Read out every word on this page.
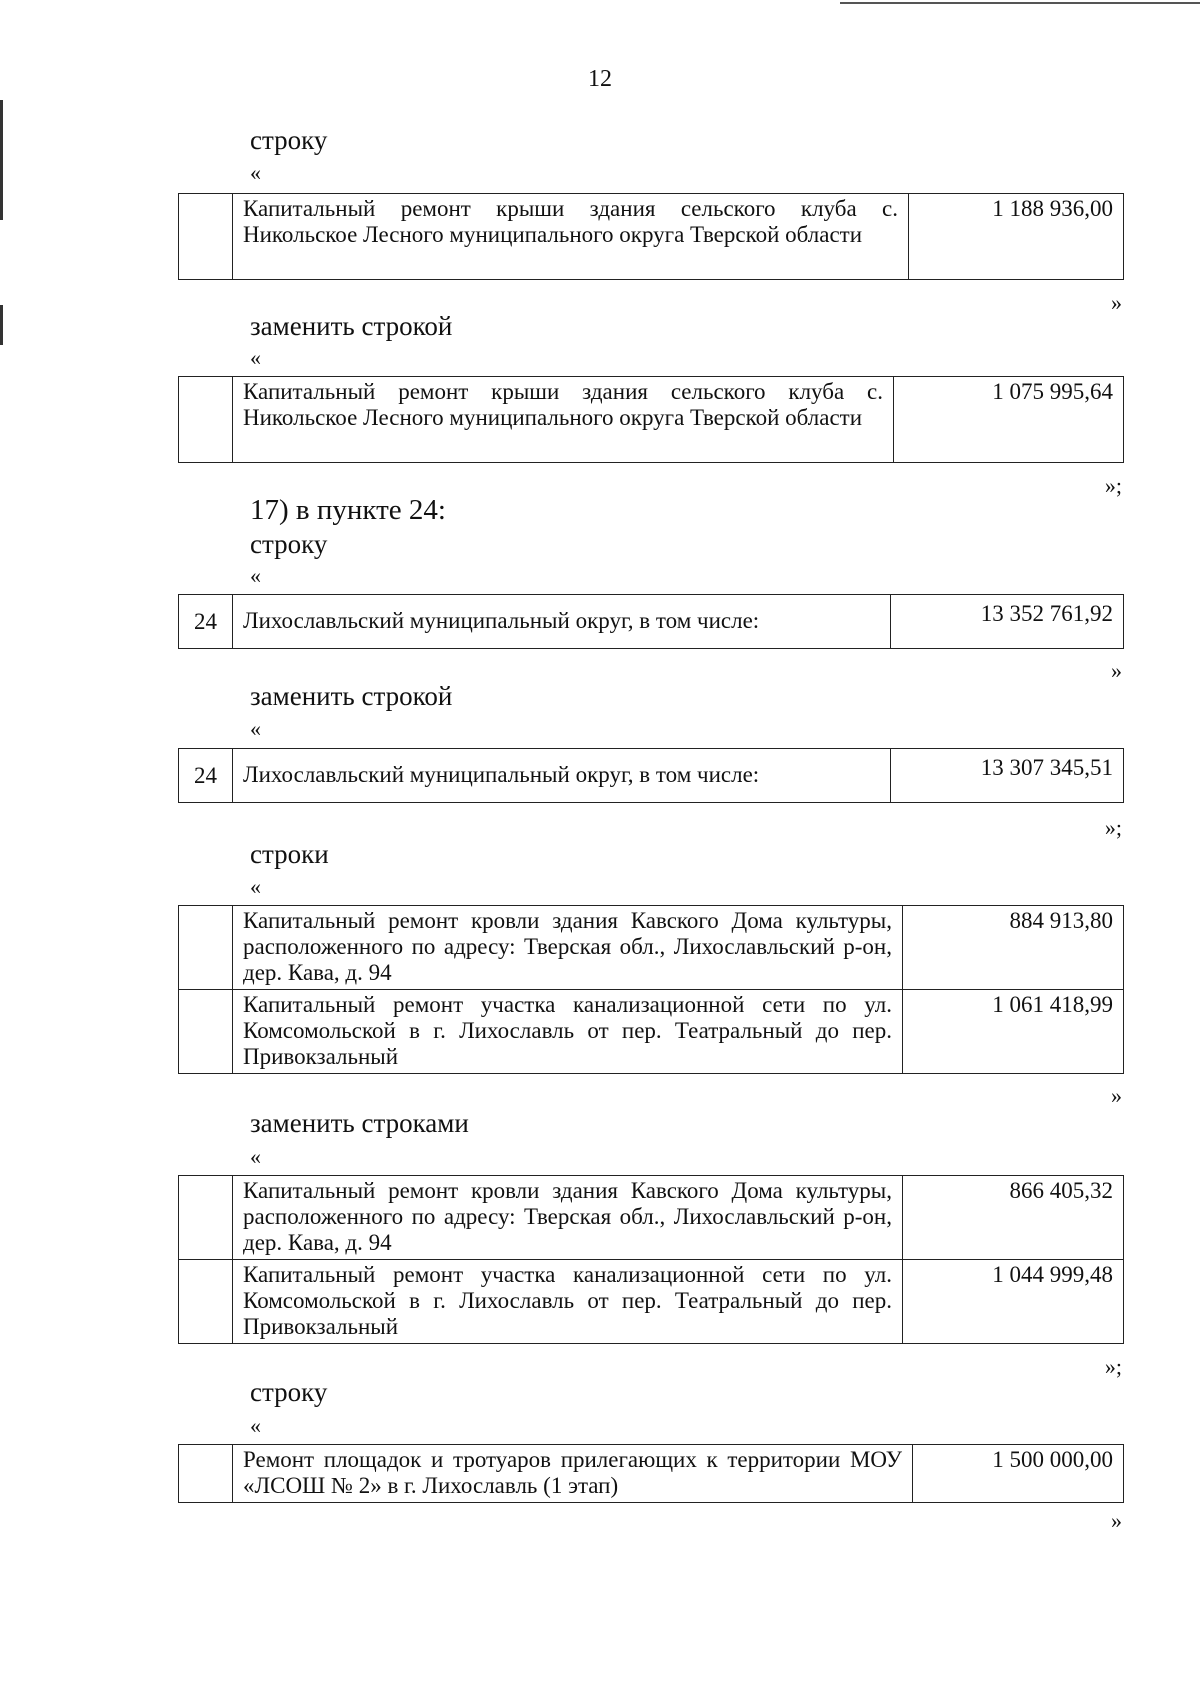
12
строку
«
	Капитальный ремонт крыши здания сельского клуба с. Никольское Лесного муниципального округа Тверской области	1 188 936,00
»
заменить строкой
«
	Капитальный ремонт крыши здания сельского клуба с. Никольское Лесного муниципального округа Тверской области	1 075 995,64
»;
17) в пункте 24:
строку
«
24	Лихославльский муниципальный округ, в том числе:	13 352 761,92
»
заменить строкой
«
24	Лихославльский муниципальный округ, в том числе:	13 307 345,51
»;
строки
«
	Капитальный ремонт кровли здания Кавского Дома культуры, расположенного по адресу: Тверская обл., Лихославльский р-он, дер. Кава, д. 94	884 913,80
	Капитальный ремонт участка канализационной сети по ул. Комсомольской в г. Лихославль от пер. Театральный до пер. Привокзальный	1 061 418,99
»
заменить строками
«
	Капитальный ремонт кровли здания Кавского Дома культуры, расположенного по адресу: Тверская обл., Лихославльский р-он, дер. Кава, д. 94	866 405,32
	Капитальный ремонт участка канализационной сети по ул. Комсомольской в г. Лихославль от пер. Театральный до пер. Привокзальный	1 044 999,48
»;
строку
«
	Ремонт площадок и тротуаров прилегающих к территории МОУ «ЛСОШ № 2» в г. Лихославль (1 этап)	1 500 000,00
»
